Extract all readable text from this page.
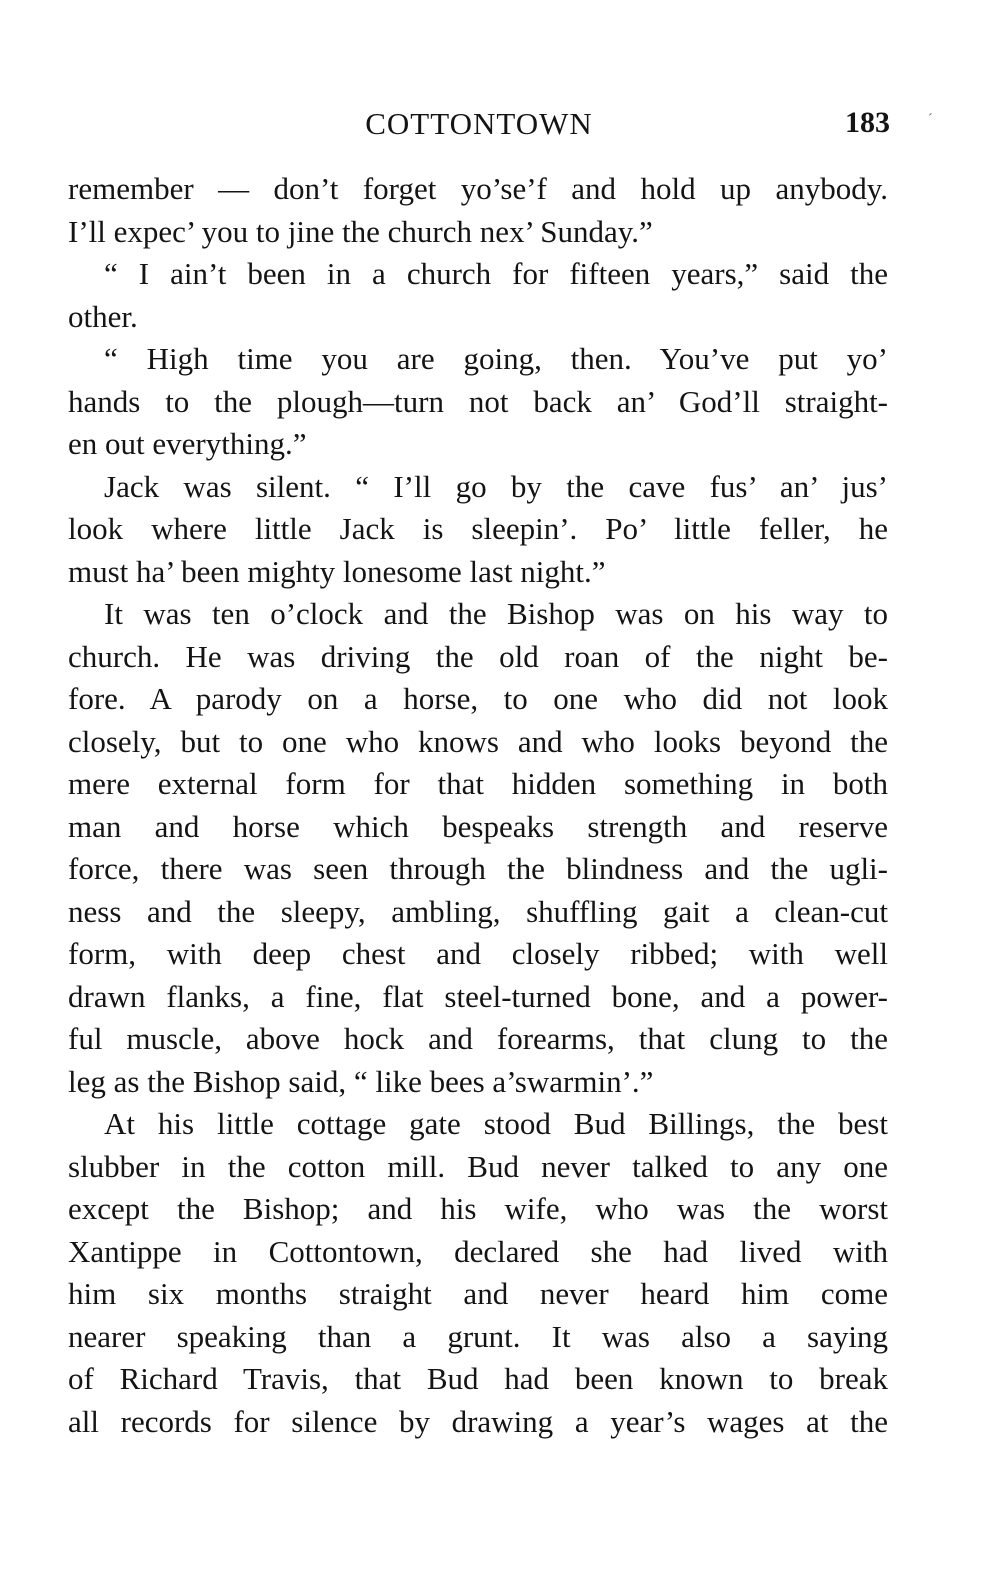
COTTONTOWN	183

remember — don’t forget yo’se’f and hold up anybody.

I’ll expec’ you to jine the church nex’ Sunday.”

“ I ain’t been in a church for fifteen years,” said the

other.

“ High time you are going, then. You’ve put yo’

hands to the plough—turn not back an’ God’ll straight-

en out everything.”

Jack was silent. “ I’ll go by the cave fus’ an’ jus’

look where little Jack is sleepin’. Po’ little feller, he

must ha’ been mighty lonesome last night.”

It was ten o’clock and the Bishop was on his way to

church. He was driving the old roan of the night be-

fore. A parody on a horse, to one who did not look

closely, but to one who knows and who looks beyond the

mere external form for that hidden something in both

man and horse which bespeaks strength and reserve

force, there was seen through the blindness and the ugli-

ness and the sleepy, ambling, shuffling gait a clean-cut

form, with deep chest and closely ribbed; with well

drawn flanks, a fine, flat steel-turned bone, and a power-

ful muscle, above hock and forearms, that clung to the

leg as the Bishop said, “ like bees a’swarmin’.”

At his little cottage gate stood Bud Billings, the best

slubber in the cotton mill. Bud never talked to any one

except the Bishop; and his wife, who was the worst

Xantippe in Cottontown, declared she had lived with

him six months straight and never heard him come

nearer speaking than a grunt. It was also a saying

of Richard Travis, that Bud had been known to break

all records for silence by drawing a year’s wages at the

´
